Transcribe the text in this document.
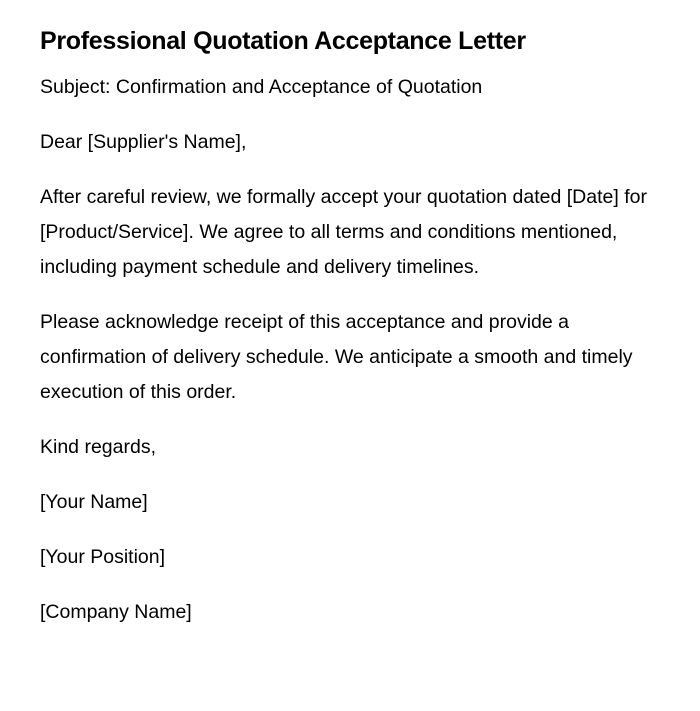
Professional Quotation Acceptance Letter

Subject: Confirmation and Acceptance of Quotation

Dear [Supplier's Name],

After careful review, we formally accept your quotation dated [Date] for [Product/Service]. We agree to all terms and conditions mentioned, including payment schedule and delivery timelines.

Please acknowledge receipt of this acceptance and provide a confirmation of delivery schedule. We anticipate a smooth and timely execution of this order.

Kind regards,

[Your Name]

[Your Position]

[Company Name]
